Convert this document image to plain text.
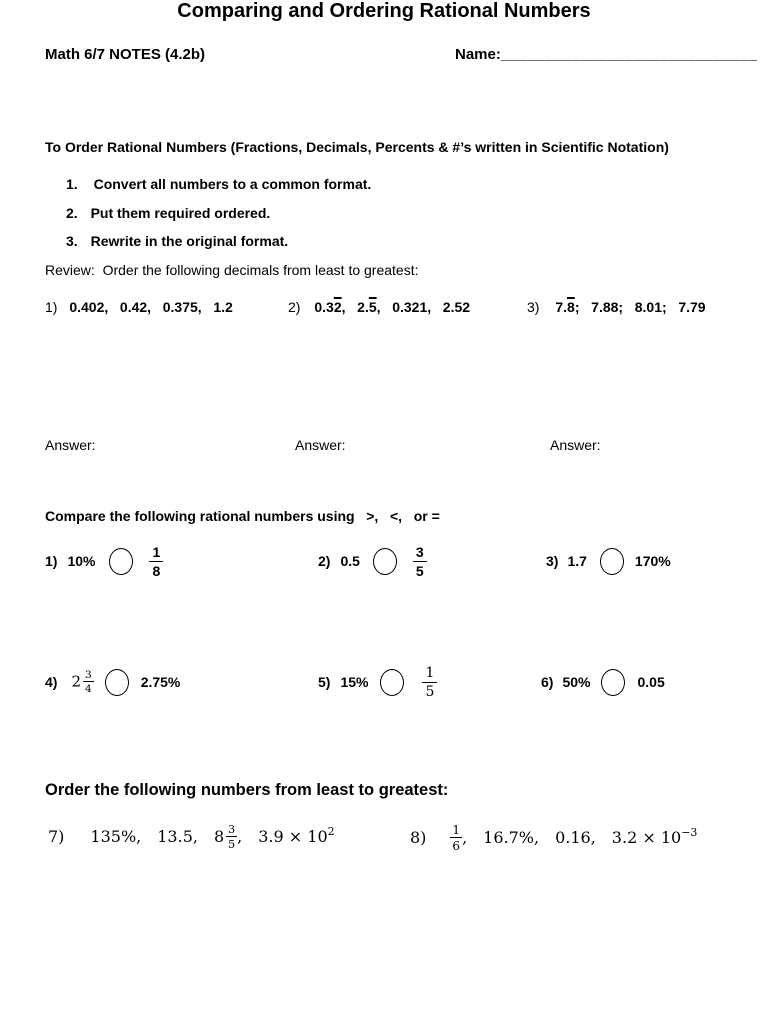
Math 6/7 NOTES (4.2b)	Name: _____________________________
Comparing and Ordering Rational Numbers
To Order Rational Numbers (Fractions, Decimals, Percents & #’s written in Scientific Notation)
1. Convert all numbers to a common format.
2. Put them required ordered.
3. Rewrite in the original format.
Review:  Order the following decimals from least to greatest:
1) 0.402,   0.42,   0.375,   1.2	2) 0.32,   2.5,   0.321,   2.52	3) 7.8;   7.88;   8.01;   7.79
Answer:	Answer:	Answer:
Compare the following rational numbers using   >,   <,   or =
1) 10%	$\frac{1}{8}$	2) 0.5	$\frac{3}{5}$	3) 1.7	170%
4) $2 \frac{3}{4}$	2.75%	5) 15%	$\frac{1}{5}$	6) 50%	0.05
Order the following numbers from least to greatest:
7) 135%, 13.5, $8 \frac{3}{5}$ , $3.9 \times 10^2$	$8) \frac{1}{6}$ , 16.7%, 0.16, $3.2 \times 10^{-3}$
